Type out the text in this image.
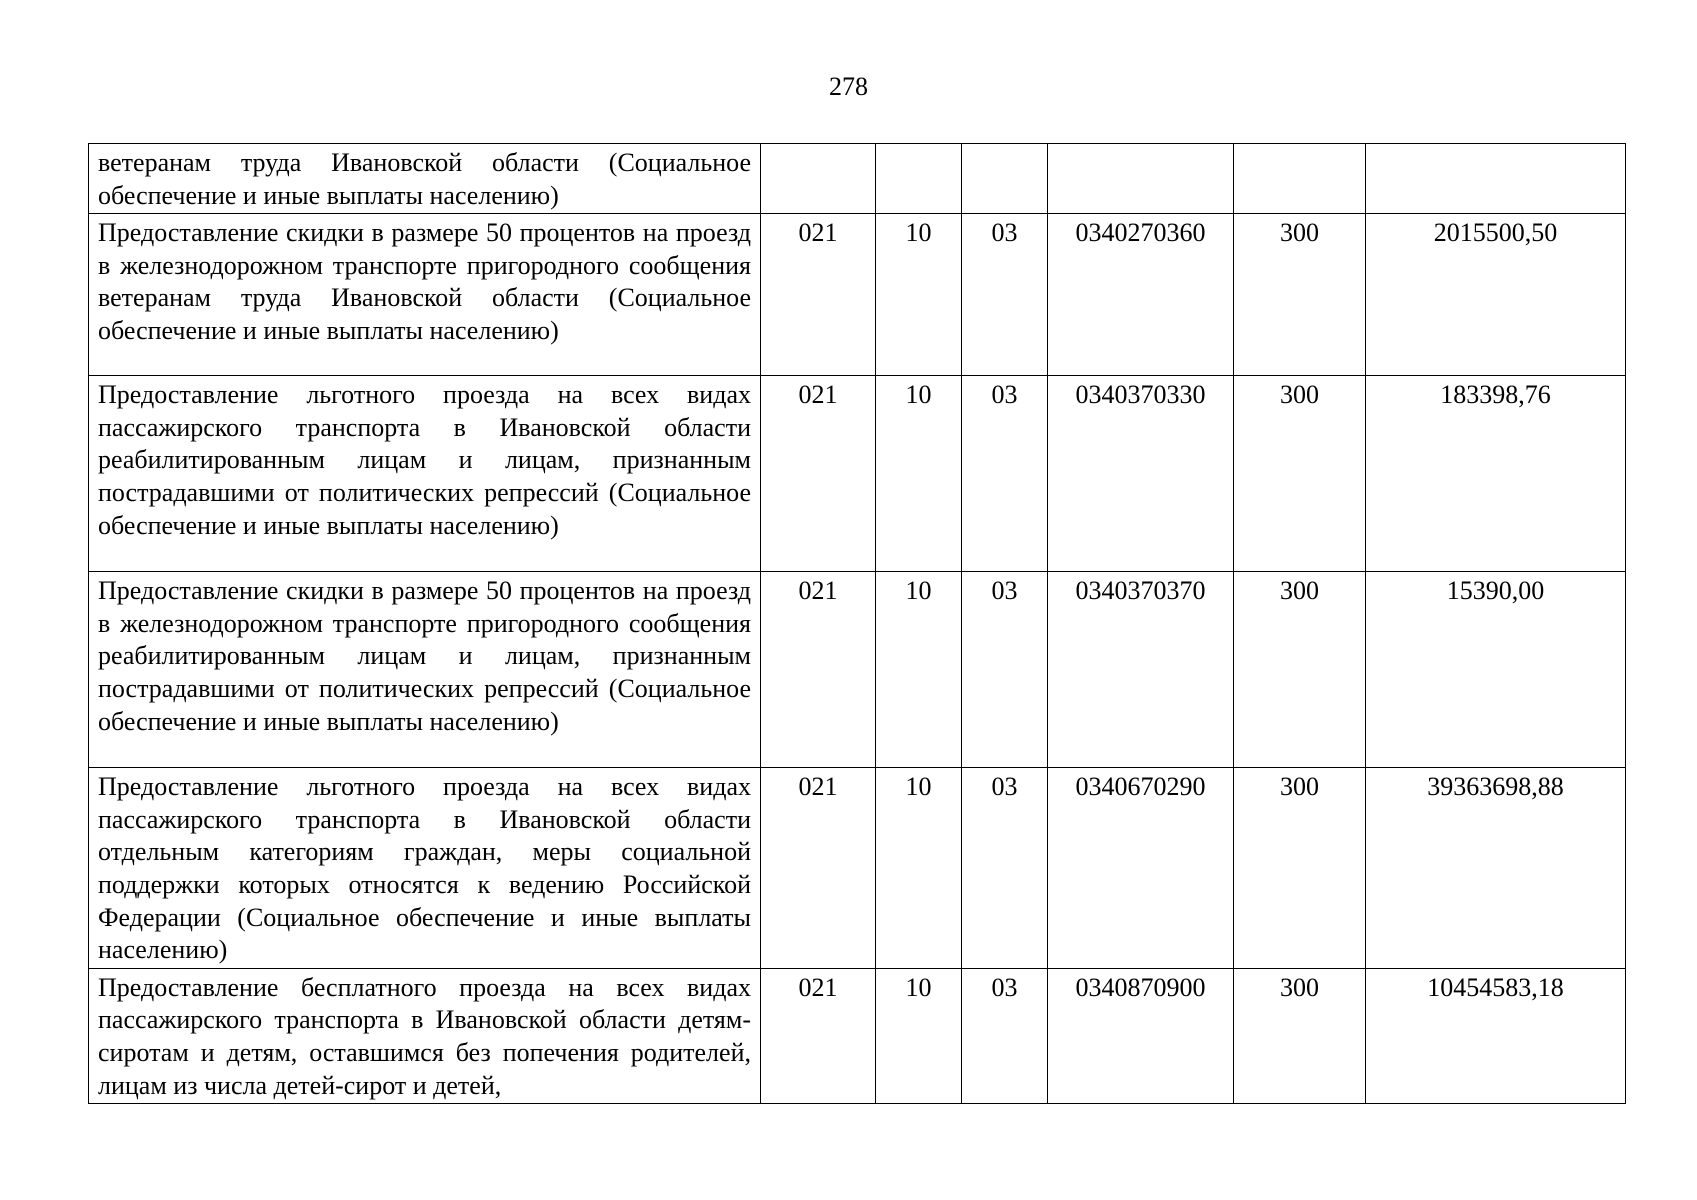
278
ветеранам труда Ивановской области (Социальное обеспечение и иные выплаты населению)						
Предоставление скидки в размере 50 процентов на проезд в железнодорожном транспорте пригородного сообщения ветеранам труда Ивановской области (Социальное обеспечение и иные выплаты населению)	021	10	03	0340270360	300	2015500,50
Предоставление льготного проезда на всех видах пассажирского транспорта в Ивановской области реабилитированным лицам и лицам, признанным пострадавшими от политических репрессий (Социальное обеспечение и иные выплаты населению)	021	10	03	0340370330	300	183398,76
Предоставление скидки в размере 50 процентов на проезд в железнодорожном транспорте пригородного сообщения реабилитированным лицам и лицам, признанным пострадавшими от политических репрессий (Социальное обеспечение и иные выплаты населению)	021	10	03	0340370370	300	15390,00
Предоставление льготного проезда на всех видах пассажирского транспорта в Ивановской области отдельным категориям граждан, меры социальной поддержки которых относятся к ведению Российской Федерации (Социальное обеспечение и иные выплаты населению)	021	10	03	0340670290	300	39363698,88
Предоставление бесплатного проезда на всех видах пассажирского транспорта в Ивановской области детям-сиротам и детям, оставшимся без попечения родителей, лицам из числа детей-сирот и детей,	021	10	03	0340870900	300	10454583,18
